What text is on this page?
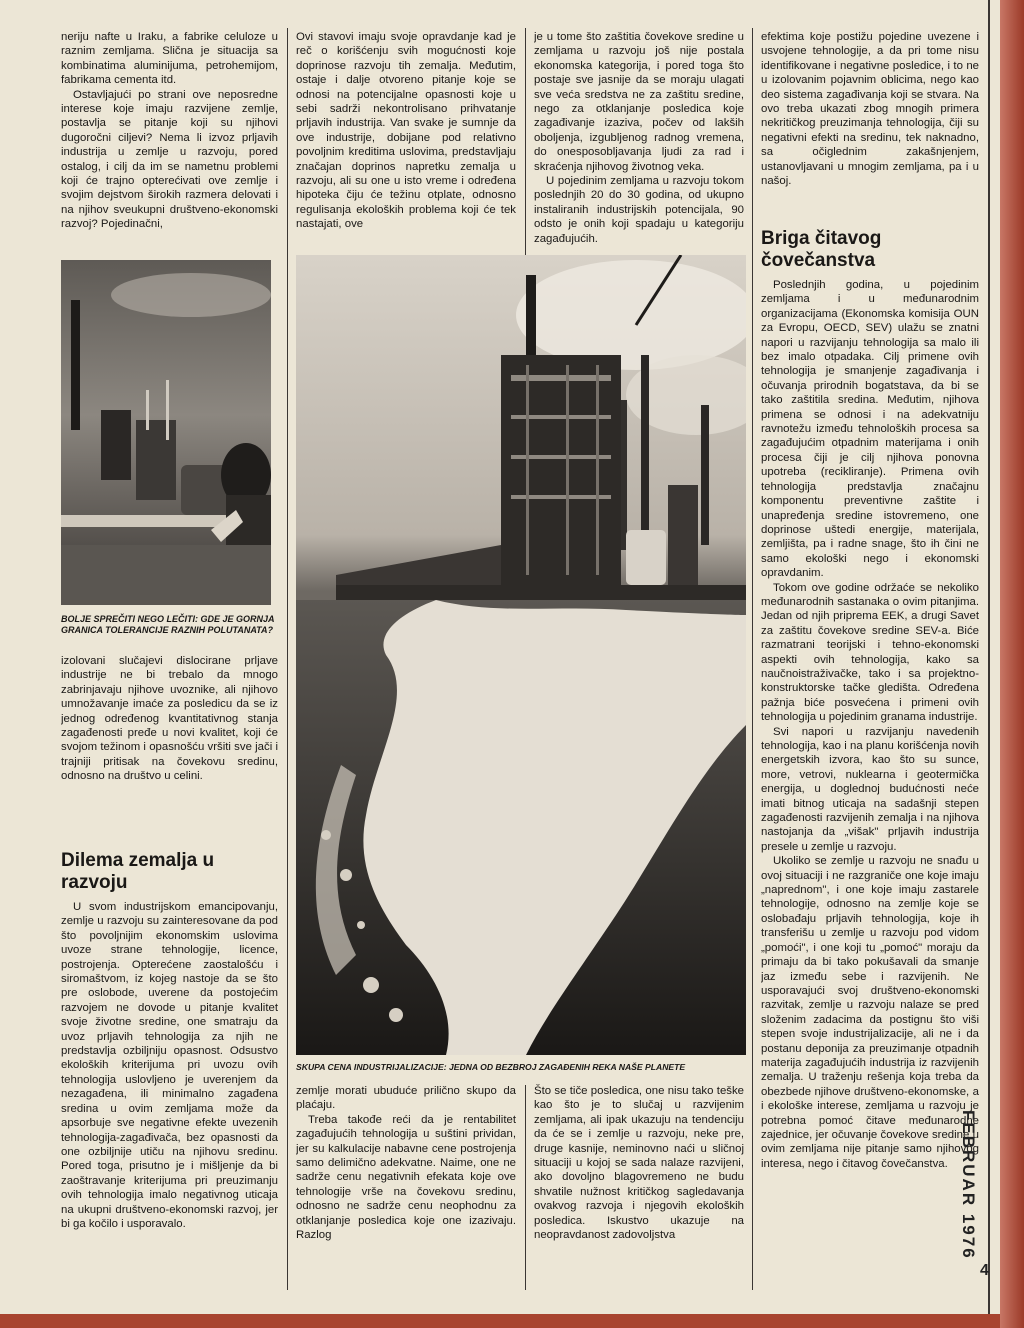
neriju nafte u Iraku, a fabrike celuloze u raznim zemljama. Slična je situacija sa kombinatima aluminijuma, petrohemijom, fabrikama cementa itd.

Ostavljajući po strani ove neposredne interese koje imaju razvijene zemlje, postavlja se pitanje koji su njihovi dugoročni ciljevi? Nema li izvoz prljavih industrija u zemlje u razvoju, pored ostalog, i cilj da im se nametnu problemi koji će trajno opterećivati ove zemlje i svojim dejstvom širokih razmera delovati i na njihov sveukupni društveno-ekonomski razvoj? Pojedinačni,

BOLJE SPREČITI NEGO LEČITI: GDE JE GORNJA GRANICA TOLERANCIJE RAZNIH POLUTANATA?

izolovani slučajevi dislocirane prljave industrije ne bi trebalo da mnogo zabrinjavaju njihove uvoznike, ali njihovo umnožavanje imaće za posledicu da se iz jednog određenog kvantitativnog stanja zagađenosti pređe u novi kvalitet, koji će svojom težinom i opasnošću vršiti sve jači i trajniji pritisak na čovekovu sredinu, odnosno na društvo u celini.

Dilema zemalja u razvoju

U svom industrijskom emancipovanju, zemlje u razvoju su zainteresovane da pod što povoljnijim ekonomskim uslovima uvoze strane tehnologije, licence, postrojenja. Opterećene zaostalošću i siromaštvom, iz kojeg nastoje da se što pre oslobode, uverene da postojećim razvojem ne dovode u pitanje kvalitet svoje životne sredine, one smatraju da uvoz prljavih tehnologija za njih ne predstavlja ozbiljniju opasnost. Odsustvo ekoloških kriterijuma pri uvozu ovih tehnologija uslovljeno je uverenjem da nezagađena, ili minimalno zagađena sredina u ovim zemljama može da apsorbuje sve negativne efekte uvezenih tehnologija-zagađivača, bez opasnosti da one ozbiljnije utiču na njihovu sredinu. Pored toga, prisutno je i mišljenje da bi zaoštravanje kriterijuma pri preuzimanju ovih tehnologija imalo negativnog uticaja na ukupni društveno-ekonomski razvoj, jer bi ga kočilo i usporavalo.

Ovi stavovi imaju svoje opravdanje kad je reč o korišćenju svih mogućnosti koje doprinose razvoju tih zemalja. Međutim, ostaje i dalje otvoreno pitanje koje se odnosi na potencijalne opasnosti koje u sebi sadrži nekontrolisano prihvatanje prljavih industrija. Van svake je sumnje da ove industrije, dobijane pod relativno povoljnim kreditima uslovima, predstavljaju značajan doprinos napretku zemalja u razvoju, ali su one u isto vreme i određena hipoteka čiju će težinu otplate, odnosno regulisanja ekoloških problema koji će tek nastajati, ove

je u tome što zaštitia čovekove sredine u zemljama u razvoju još nije postala ekonomska kategorija, i pored toga što postaje sve jasnije da se moraju ulagati sve veća sredstva ne za zaštitu sredine, nego za otklanjanje posledica koje zagađivanje izaziva, počev od lakših oboljenja, izgubljenog radnog vremena, do onesposobljavanja ljudi za rad i skraćenja njihovog životnog veka.

U pojedinim zemljama u razvoju tokom poslednjih 20 do 30 godina, od ukupno instaliranih industrijskih potencijala, 90 odsto je onih koji spadaju u kategoriju zagađujućih.

SKUPA CENA INDUSTRIJALIZACIJE: JEDNA OD BEZBROJ ZAGAĐENIH REKA NAŠE PLANETE

zemlje morati ubuduće prilično skupo da plaćaju.

Treba takođe reći da je rentabilitet zagađujućih tehnologija u suštini prividan, jer su kalkulacije nabavne cene postrojenja samo delimično adekvatne. Naime, one ne sadrže cenu negativnih efekata koje ove tehnologije vrše na čovekovu sredinu, odnosno ne sadrže cenu neophodnu za otklanjanje posledica koje one izazivaju. Razlog

Što se tiče posledica, one nisu tako teške kao što je to slučaj u razvijenim zemljama, ali ipak ukazuju na tendenciju da će se i zemlje u razvoju, neke pre, druge kasnije, neminovno naći u sličnoj situaciji u kojoj se sada nalaze razvijeni, ako dovoljno blagovremeno ne budu shvatile nužnost kritičkog sagledavanja ovakvog razvoja i njegovih ekoloških posledica. Iskustvo ukazuje na neopravdanost zadovoljstva

efektima koje postižu pojedine uvezene i usvojene tehnologije, a da pri tome nisu identifikovane i negativne posledice, i to ne u izolovanim pojavnim oblicima, nego kao deo sistema zagađivanja koji se stvara. Na ovo treba ukazati zbog mnogih primera nekritičkog preuzimanja tehnologija, čiji su negativni efekti na sredinu, tek naknadno, sa očiglednim zakašnjenjem, ustanovljavani u mnogim zemljama, pa i u našoj.

Briga čitavog čovečanstva

Poslednjih godina, u pojedinim zemljama i u međunarodnim organizacijama (Ekonomska komisija OUN za Evropu, OECD, SEV) ulažu se znatni napori u razvijanju tehnologija sa malo ili bez imalo otpadaka. Cilj primene ovih tehnologija je smanjenje zagađivanja i očuvanja prirodnih bogatstava, da bi se tako zaštitila sredina. Međutim, njihova primena se odnosi i na adekvatniju ravnotežu između tehnoloških procesa sa zagađujućim otpadnim materijama i onih procesa čiji je cilj njihova ponovna upotreba (recikliranje). Primena ovih tehnologija predstavlja značajnu komponentu preventivne zaštite i unapređenja sredine istovremeno, one doprinose uštedi energije, materijala, zemljišta, pa i radne snage, što ih čini ne samo ekološki nego i ekonomski opravdanim.

Tokom ove godine održaće se nekoliko međunarodnih sastanaka o ovim pitanjima. Jedan od njih priprema EEK, a drugi Savet za zaštitu čovekove sredine SEV-a. Biće razmatrani teorijski i tehno-ekonomski aspekti ovih tehnologija, kako sa naučnoistraživačke, tako i sa projektno-konstruktorske tačke gledišta. Određena pažnja biće posvećena i primeni ovih tehnologija u pojedinim granama industrije.

Svi napori u razvijanju navedenih tehnologija, kao i na planu korišćenja novih energetskih izvora, kao što su sunce, more, vetrovi, nuklearna i geotermička energija, u doglednoj budućnosti neće imati bitnog uticaja na sadašnji stepen zagađenosti razvijenih zemalja i na njihova nastojanja da „višak" prljavih industrija presele u zemlje u razvoju.

Ukoliko se zemlje u razvoju ne snađu u ovoj situaciji i ne razgraniče one koje imaju „naprednom", i one koje imaju zastarele tehnologije, odnosno na zemlje koje se oslobađaju prljavih tehnologija, koje ih transferišu u zemlje u razvoju pod vidom „pomoći", i one koji tu „pomoć" moraju da primaju da bi tako pokušavali da smanje jaz između sebe i razvijenih. Ne usporavajući svoj društveno-ekonomski razvitak, zemlje u razvoju nalaze se pred složenim zadacima da postignu što viši stepen svoje industrijalizacije, ali ne i da postanu deponija za preuzimanje otpadnih materija zagađujućih industrija iz razvijenih zemalja. U traženju rešenja koja treba da obezbede njihove društveno-ekonomske, a i ekološke interese, zemljama u razvoju je potrebna pomoć čitave međunarodne zajednice, jer očuvanje čovekove sredine u ovim zemljama nije pitanje samo njihovog interesa, nego i čitavog čovečanstva. FEBRUAR 1976
4
